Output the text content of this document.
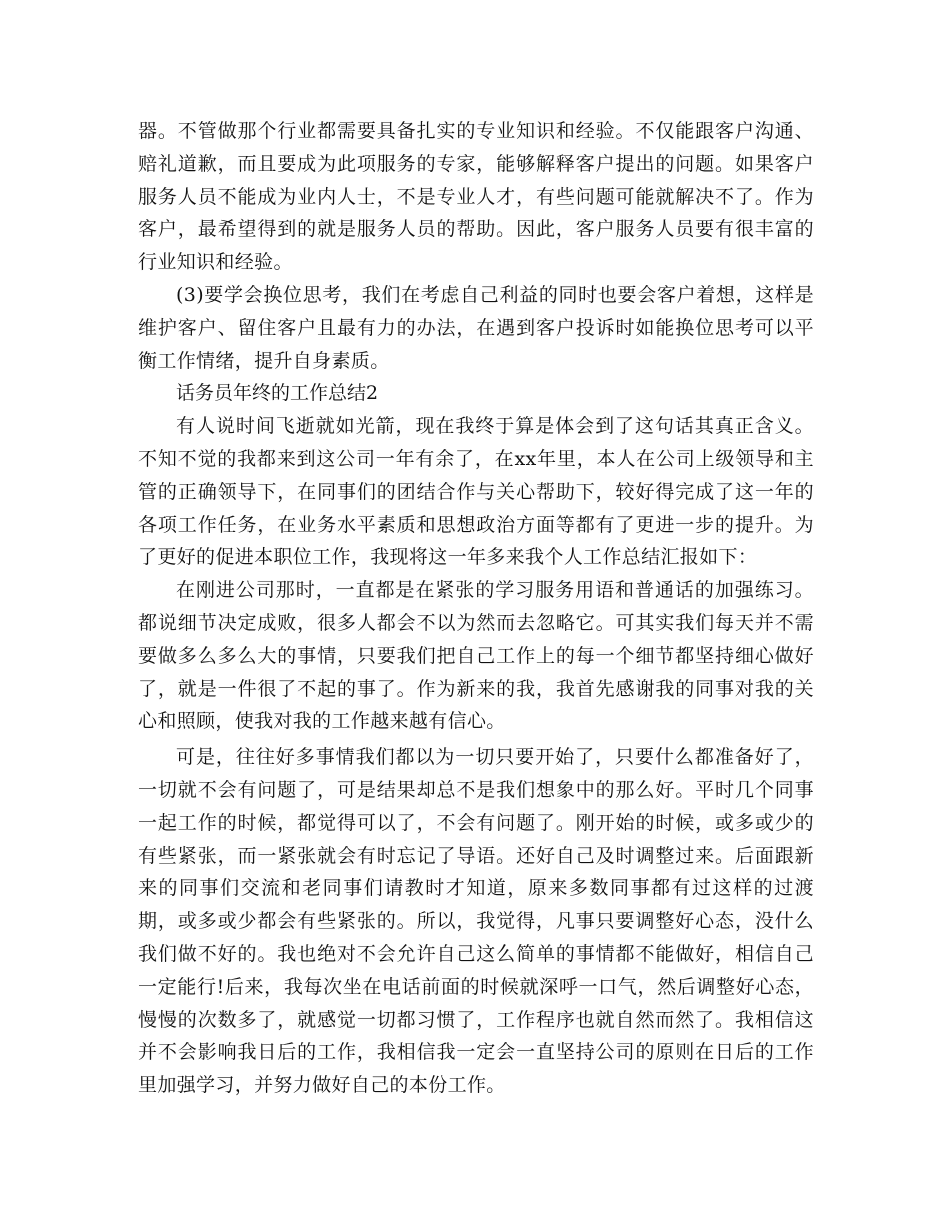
器。不管做那个行业都需要具备扎实的专业知识和经验。不仅能跟客户沟通、赔礼道歉，而且要成为此项服务的专家，能够解释客户提出的问题。如果客户服务人员不能成为业内人士，不是专业人才，有些问题可能就解决不了。作为客户，最希望得到的就是服务人员的帮助。因此，客户服务人员要有很丰富的行业知识和经验。

(3)要学会换位思考，我们在考虑自己利益的同时也要会客户着想，这样是维护客户、留住客户且最有力的办法，在遇到客户投诉时如能换位思考可以平衡工作情绪，提升自身素质。

话务员年终的工作总结2

有人说时间飞逝就如光箭，现在我终于算是体会到了这句话其真正含义。不知不觉的我都来到这公司一年有余了，在xx年里，本人在公司上级领导和主管的正确领导下，在同事们的团结合作与关心帮助下，较好得完成了这一年的各项工作任务，在业务水平素质和思想政治方面等都有了更进一步的提升。为了更好的促进本职位工作，我现将这一年多来我个人工作总结汇报如下：

在刚进公司那时，一直都是在紧张的学习服务用语和普通话的加强练习。都说细节决定成败，很多人都会不以为然而去忽略它。可其实我们每天并不需要做多么多么大的事情，只要我们把自己工作上的每一个细节都坚持细心做好了，就是一件很了不起的事了。作为新来的我，我首先感谢我的同事对我的关心和照顾，使我对我的工作越来越有信心。

可是，往往好多事情我们都以为一切只要开始了，只要什么都准备好了，一切就不会有问题了，可是结果却总不是我们想象中的那么好。平时几个同事一起工作的时候，都觉得可以了，不会有问题了。刚开始的时候，或多或少的有些紧张，而一紧张就会有时忘记了导语。还好自己及时调整过来。后面跟新来的同事们交流和老同事们请教时才知道，原来多数同事都有过这样的过渡期，或多或少都会有些紧张的。所以，我觉得，凡事只要调整好心态，没什么我们做不好的。我也绝对不会允许自己这么简单的事情都不能做好，相信自己一定能行!后来，我每次坐在电话前面的时候就深呼一口气，然后调整好心态，慢慢的次数多了，就感觉一切都习惯了，工作程序也就自然而然了。我相信这并不会影响我日后的工作，我相信我一定会一直坚持公司的原则在日后的工作里加强学习，并努力做好自己的本份工作。
